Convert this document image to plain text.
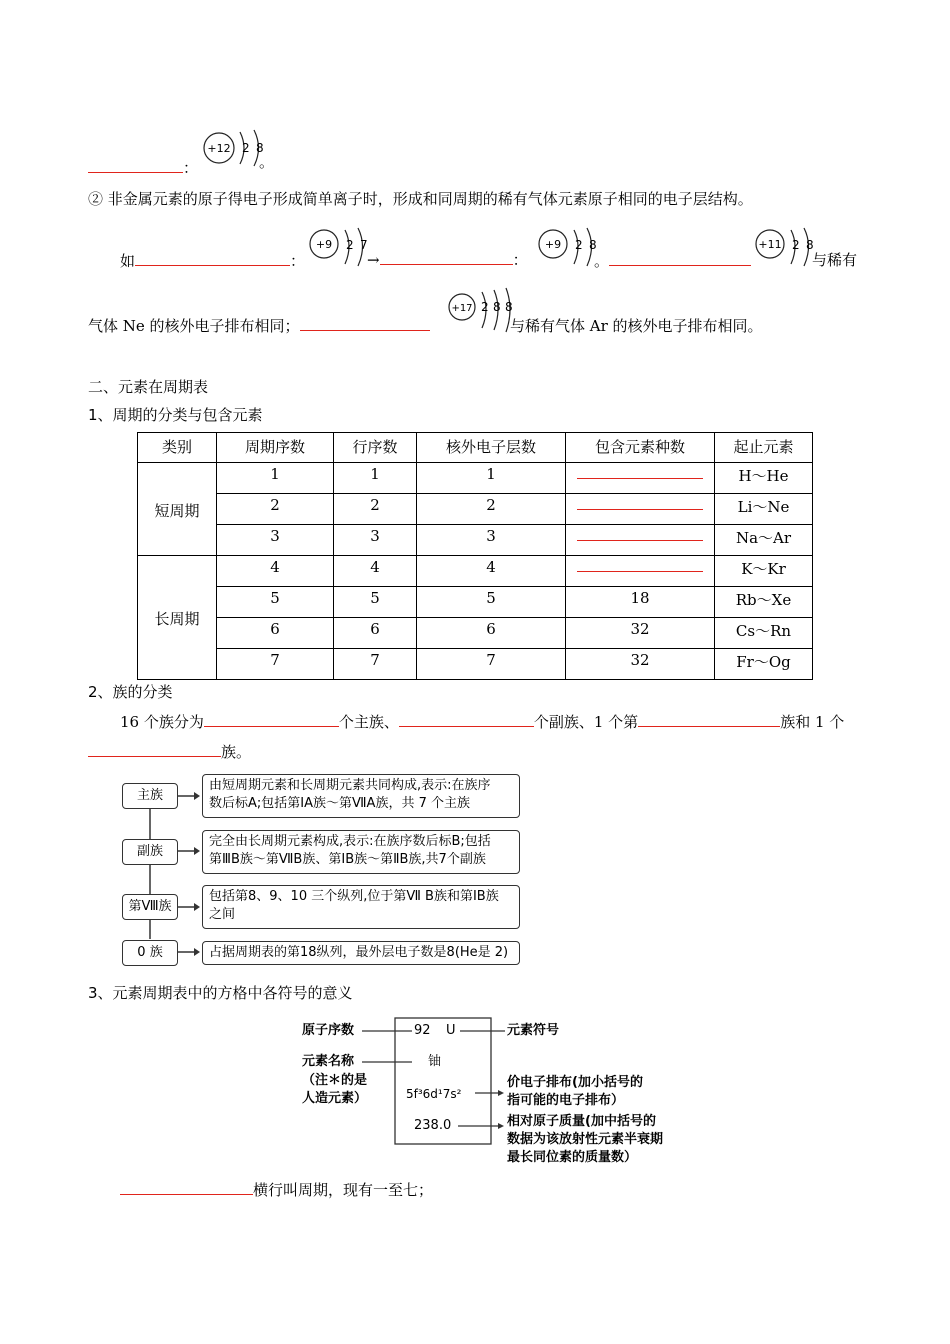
：
+12 2 8
。
② 非金属元素的原子得电子形成简单离子时，形成和同周期的稀有气体元素原子相同的电子层结构。
如	：
+9 2 7
→	：
+9 2 8
。
+11 2 8
与稀有
气体 Ne 的核外电子排布相同；
+17 2 8 8
与稀有气体 Ar 的核外电子排布相同。
二、元素在周期表
1、周期的分类与包含元素
类别	周期序数	行序数	核外电子层数	包含元素种数	起止元素
短周期	1	1	1		H～He
	2	2	2		Li～Ne
	3	3	3		Na～Ar
长周期	4	4	4		K～Kr
	5	5	5	18	Rb～Xe
	6	6	6	32	Cs～Rn
	7	7	7	32	Fr～Og
2、族的分类
16 个族分为	个主族、	个副族、1 个第	族和 1 个
族。
主族
由短周期元素和长周期元素共同构成,表示:在族序
数后标A;包括第ⅠA族～第ⅦA族，共 7 个主族
副族
完全由长周期元素构成,表示:在族序数后标B;包括
第ⅢB族～第ⅦB族、第ⅠB族～第ⅡB族,共7个副族
第Ⅷ族
包括第8、9、10 三个纵列,位于第Ⅶ B族和第ⅠB族
之间
0 族	占据周期表的第18纵列，最外层电子数是8(He是 2)
3、元素周期表中的方格中各符号的意义
92 U
铀
5f³6d¹7s²
238.0
原子序数
元素名称
（注＊的是
人造元素）
元素符号
价电子排布(加小括号的
指可能的电子排布）
相对原子质量(加中括号的
数据为该放射性元素半衰期
最长同位素的质量数）
横行叫周期，现有一至七；
